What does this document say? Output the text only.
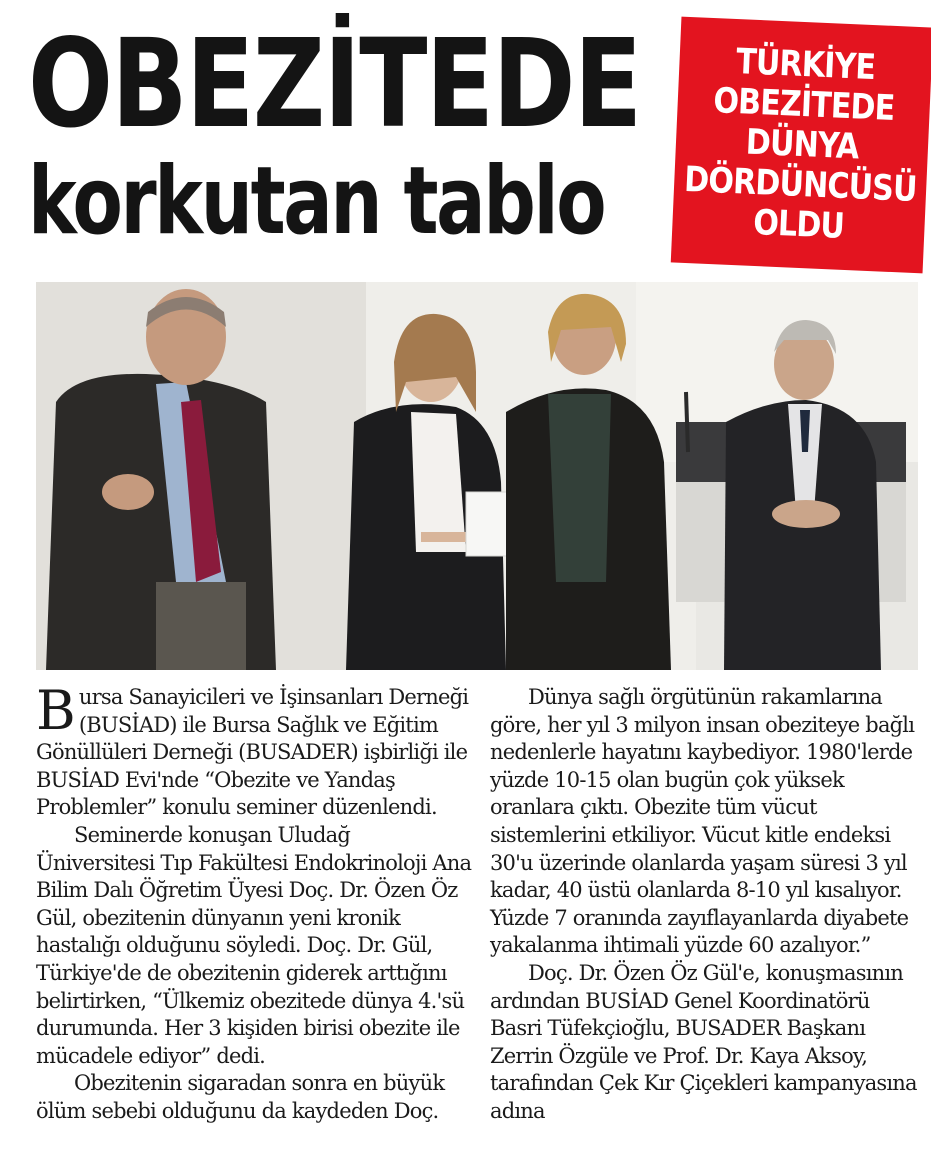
OBEZİTEDE
korkutan tablo
TÜRKİYE
OBEZİTEDE
DÜNYA
DÖRDÜNCÜSÜ
OLDU

Bursa Sanayicileri ve İşinsanları Derneği (BUSİAD) ile Bursa Sağlık ve Eğitim Gönüllüleri Derneği (BUSADER) işbirliği ile BUSİAD Evi'nde “Obezite ve Yandaş Problemler” konulu seminer düzenlendi.

Seminerde konuşan Uludağ Üniversitesi Tıp Fakültesi Endokrinoloji Ana Bilim Dalı Öğretim Üyesi Doç. Dr. Özen Öz Gül, obezitenin dünyanın yeni kronik hastalığı olduğunu söyledi. Doç. Dr. Gül, Türkiye'de de obezitenin giderek arttığını belirtirken, “Ülkemiz obezitede dünya 4.'sü durumunda. Her 3 kişiden birisi obezite ile mücadele ediyor” dedi.

Obezitenin sigaradan sonra en büyük ölüm sebebi olduğunu da kaydeden Doç.

Dünya sağlı örgütünün rakamlarına göre, her yıl 3 milyon insan obeziteye bağlı nedenlerle hayatını kaybediyor. 1980'lerde yüzde 10-15 olan bugün çok yüksek oranlara çıktı. Obezite tüm vücut sistemlerini etkiliyor. Vücut kitle endeksi 30'u üzerinde olanlarda yaşam süresi 3 yıl kadar, 40 üstü olanlarda 8-10 yıl kısalıyor. Yüzde 7 oranında zayıflayanlarda diyabete yakalanma ihtimali yüzde 60 azalıyor.”

Doç. Dr. Özen Öz Gül'e, konuşmasının ardından BUSİAD Genel Koordinatörü Basri Tüfekçioğlu, BUSADER Başkanı Zerrin Özgüle ve Prof. Dr. Kaya Aksoy, tarafından Çek Kır Çiçekleri kampanyasına adına
